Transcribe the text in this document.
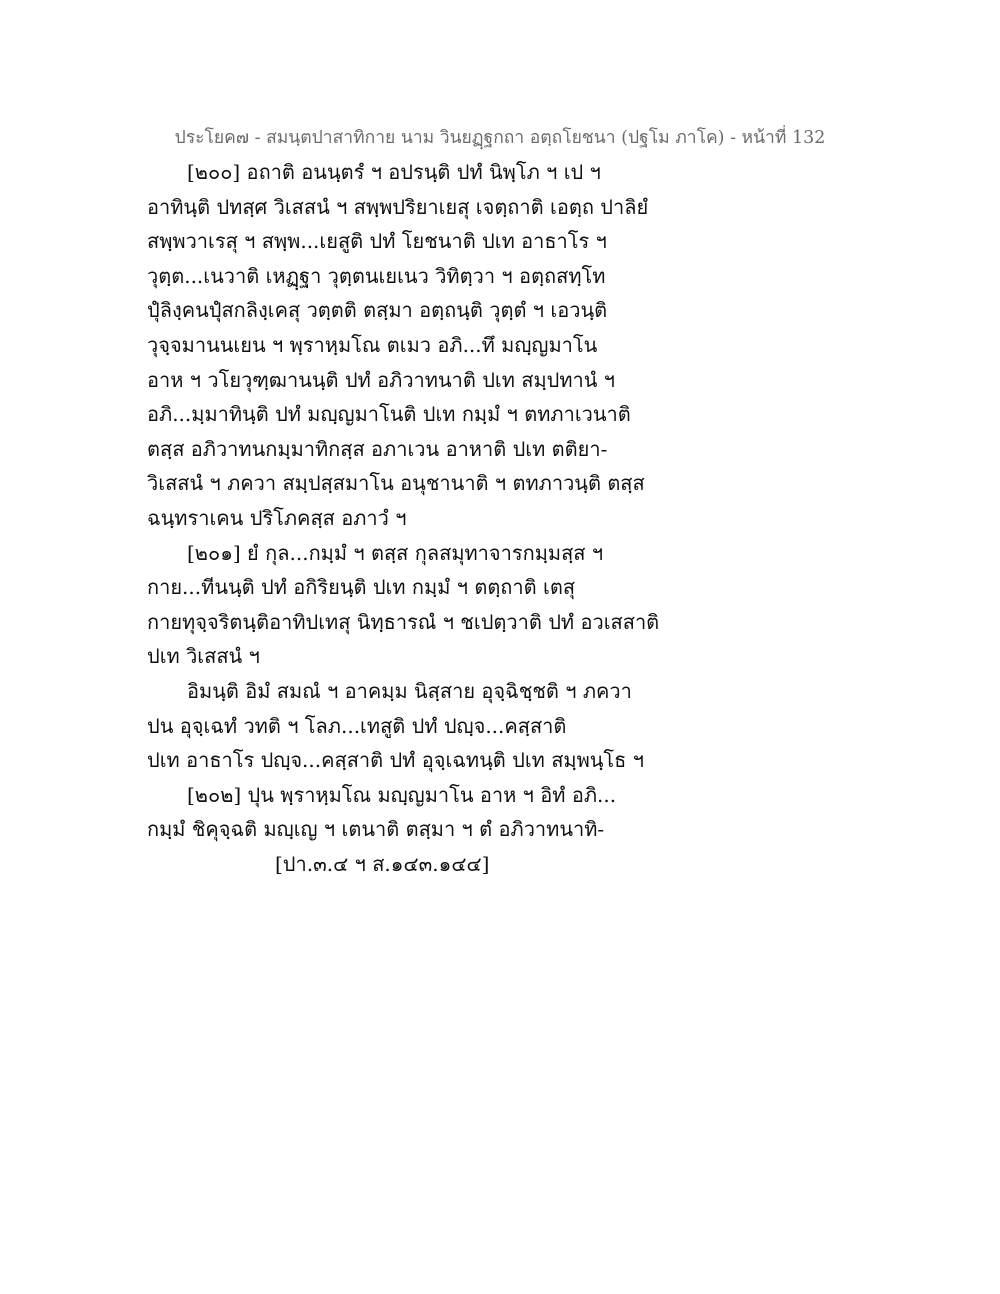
ประโยค๗ - สมนฺตปาสาทิกาย นาม วินยฏฺฐกถา อตฺถโยชนา (ปฐโม ภาโค) - หน้าที่ 132
[๒๐๐] อถาติ อนนฺตรํ ฯ อปรนฺติ ปทํ นิพฺโภ ฯ เป ฯ
อาทินฺติ ปทสฺศ วิเสสนํ ฯ สพฺพปริยาเยสุ เจตฺถาติ เอตฺถ ปาลิยํ
สพฺพวาเรสุ ฯ สพฺพ...เยสูติ ปทํ โยชนาติ ปเท อาธาโร ฯ
วุตฺต...เนวาติ เหฏฺฐา วุตฺตนเยเนว วิทิตฺวา ฯ อตฺถสทฺโท
ปุํลิงฺคนปุํสกลิงฺเคสุ วตฺตติ ตสฺมา อตฺถนฺติ วุตฺตํ ฯ เอวนฺติ
วุจฺจมานนเยน ฯ พฺราหฺมโณ ตเมว อภิ...ทึ มญฺญมาโน
อาห ฯ วโยวุฑฺฒานนฺติ ปทํ อภิวาทนาติ ปเท สมฺปทานํ ฯ
อภิ...มฺมาทินฺติ ปทํ มญฺญมาโนติ ปเท กมฺมํ ฯ ตทภาเวนาติ
ตสฺส อภิวาทนกมฺมาทิกสฺส อภาเวน อาหาติ ปเท ตติยา-
วิเสสนํ ฯ ภควา สมฺปสฺสมาโน อนุชานาติ ฯ ตทภาวนฺติ ตสฺส
ฉนฺทราเคน ปริโภคสฺส อภาวํ ฯ
[๒๐๑] ยํ กุล...กมฺมํ ฯ ตสฺส กุลสมุทาจารกมฺมสฺส ฯ
กาย...ทีนนฺติ ปทํ อกิริยนฺติ ปเท กมฺมํ ฯ ตตฺถาติ เตสุ
กายทุจฺจริตนฺติอาทิปเทสุ นิทฺธารณํ ฯ ชเปตฺวาติ ปทํ อวเสสาติ
ปเท วิเสสนํ ฯ
อิมนฺติ อิมํ สมณํ ฯ อาคมฺม นิสฺสาย อุจฺฉิชฺชติ ฯ ภควา
ปน อุจฺเฉทํ วทติ ฯ โลภ...เทสูติ ปทํ ปญฺจ...คสฺสาติ
ปเท อาธาโร ปญฺจ...คสฺสาติ ปทํ อุจฺเฉทนฺติ ปเท สมฺพนฺโธ ฯ
[๒๐๒] ปุน พฺราหฺมโณ มญฺญมาโน อาห ฯ อิทํ อภิ...
กมฺมํ ชิคุจฺฉติ มญฺเญ ฯ เตนาติ ตสฺมา ฯ ตํ อภิวาทนาทิ-
[ปา.๓.๔ ฯ ส.๑๔๓.๑๔๔]
